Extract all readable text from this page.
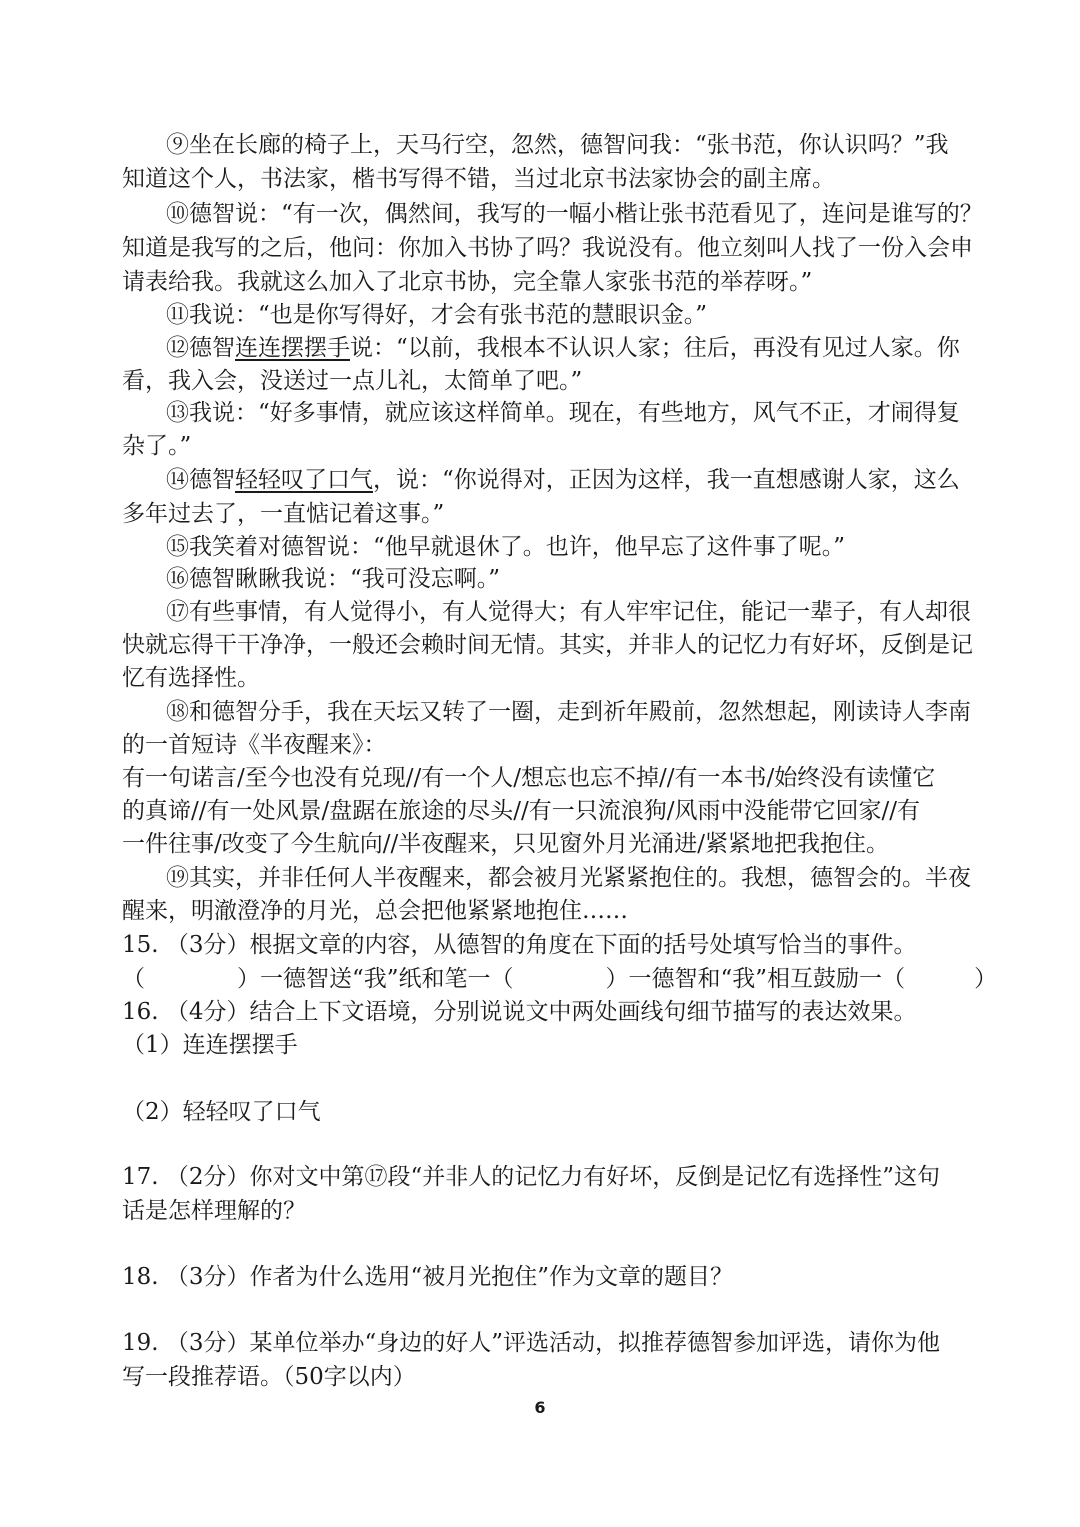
⑨坐在长廊的椅子上，天马行空，忽然，德智问我：“张书范，你认识吗？”我
知道这个人，书法家，楷书写得不错，当过北京书法家协会的副主席。
⑩德智说：“有一次，偶然间，我写的一幅小楷让张书范看见了，连问是谁写的？
知道是我写的之后，他问：你加入书协了吗？我说没有。他立刻叫人找了一份入会申
请表给我。我就这么加入了北京书协，完全靠人家张书范的举荐呀。”
⑪我说：“也是你写得好，才会有张书范的慧眼识金。”
⑫德智连连摆摆手说：“以前，我根本不认识人家；往后，再没有见过人家。你
看，我入会，没送过一点儿礼，太简单了吧。”
⑬我说：“好多事情，就应该这样简单。现在，有些地方，风气不正，才闹得复
杂了。”
⑭德智轻轻叹了口气，说：“你说得对，正因为这样，我一直想感谢人家，这么
多年过去了，一直惦记着这事。”
⑮我笑着对德智说：“他早就退休了。也许，他早忘了这件事了呢。”
⑯德智瞅瞅我说：“我可没忘啊。”
⑰有些事情，有人觉得小，有人觉得大；有人牢牢记住，能记一辈子，有人却很
快就忘得干干净净，一般还会赖时间无情。其实，并非人的记忆力有好坏，反倒是记
忆有选择性。
⑱和德智分手，我在天坛又转了一圈，走到祈年殿前，忽然想起，刚读诗人李南
的一首短诗《半夜醒来》：
有一句诺言/至今也没有兑现//有一个人/想忘也忘不掉//有一本书/始终没有读懂它
的真谛//有一处风景/盘踞在旅途的尽头//有一只流浪狗/风雨中没能带它回家//有
一件往事/改变了今生航向//半夜醒来，只见窗外月光涌进/紧紧地把我抱住。
⑲其实，并非任何人半夜醒来，都会被月光紧紧抱住的。我想，德智会的。半夜
醒来，明澈澄净的月光，总会把他紧紧地抱住……
15. （3分）根据文章的内容，从德智的角度在下面的括号处填写恰当的事件。
（　　　　） 一德智送“我”纸和笔一 （　　　　） 一德智和“我”相互鼓励一 （　　　）
16. （4分）结合上下文语境，分别说说文中两处画线句细节描写的表达效果。
（1）连连摆摆手
（2）轻轻叹了口气
17. （2分）你对文中第⑰段“并非人的记忆力有好坏，反倒是记忆有选择性”这句
话是怎样理解的？
18. （3分）作者为什么选用“被月光抱住”作为文章的题目？
19. （3分）某单位举办“身边的好人”评选活动，拟推荐德智参加评选，请你为他
写一段推荐语。（50字以内）
6
